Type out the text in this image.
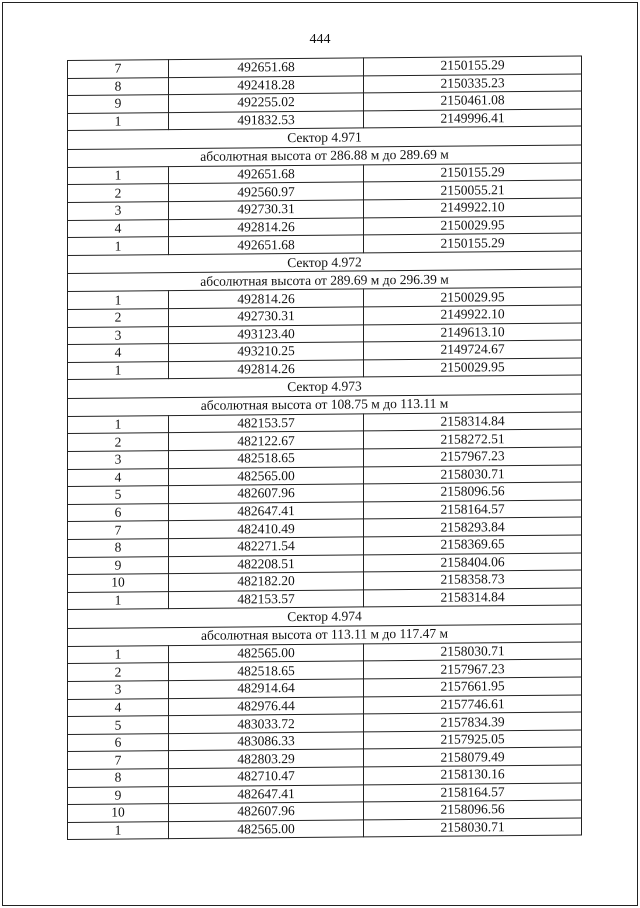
444
7	492651.68	2150155.29
8	492418.28	2150335.23
9	492255.02	2150461.08
1	491832.53	2149996.41
Сектор 4.971		
абсолютная высота от 286.88 м до 289.69 м		
1	492651.68	2150155.29
2	492560.97	2150055.21
3	492730.31	2149922.10
4	492814.26	2150029.95
1	492651.68	2150155.29
Сектор 4.972		
абсолютная высота от 289.69 м до 296.39 м		
1	492814.26	2150029.95
2	492730.31	2149922.10
3	493123.40	2149613.10
4	493210.25	2149724.67
1	492814.26	2150029.95
Сектор 4.973		
абсолютная высота от 108.75 м до 113.11 м		
1	482153.57	2158314.84
2	482122.67	2158272.51
3	482518.65	2157967.23
4	482565.00	2158030.71
5	482607.96	2158096.56
6	482647.41	2158164.57
7	482410.49	2158293.84
8	482271.54	2158369.65
9	482208.51	2158404.06
10	482182.20	2158358.73
1	482153.57	2158314.84
Сектор 4.974		
абсолютная высота от 113.11 м до 117.47 м		
1	482565.00	2158030.71
2	482518.65	2157967.23
3	482914.64	2157661.95
4	482976.44	2157746.61
5	483033.72	2157834.39
6	483086.33	2157925.05
7	482803.29	2158079.49
8	482710.47	2158130.16
9	482647.41	2158164.57
10	482607.96	2158096.56
1	482565.00	2158030.71
